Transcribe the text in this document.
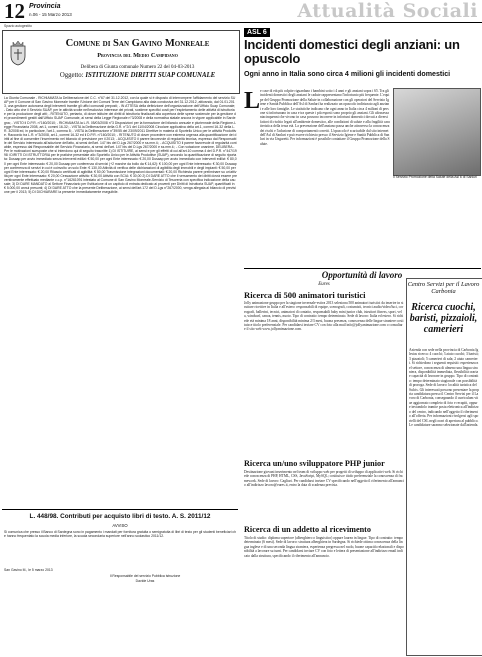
12 Provincia
n.06 - 15 Marzo 2013	Attualità Sociali
Spazio autogestito
Comune di San Gavino Monreale
Provincia del Medio Campidano
Delibera di Giunta comunale Numero 22 del 04-03-2013
Oggetto: ISTITUZIONE DIRITTI SUAP COMUNALE
La Giunta Comunale - RICHIAMATA la Deliberazione del C.C. n°67 del 31.12.2012, con la quale si è disposto di interrompere l'affidamento del servizio SUAP per il Comune di San Gavino Monreale tramite l'Unione dei Comuni Terre del Campidano alla data conclusiva del 31.12.2012, attivando, dal 01.01.2013, una gestione autonoma degli interventi tramite gli uffici comunali preposti; - IN ATTESA della definizione dell'organizzazione dell'Ufficio Suap Comunale; - Dato atto che il Servizio SUAP, per le attività svolte nell'esclusivo interesse dei privati, sostiene specifici costi per l'espletamento delle attività di istruttoria e per la produzione degli atti; - RITENUTO, pertanto, di dover istituire dei diritti di istruttoria finalizzati alla copertura delle spese sostenute per la gestione dei procedimenti gestiti dall'Ufficio SUAP Comunale, ai sensi della Legge Regionale n°3/2008 e della normativa statale ancora in vigore applicabile in Sardegna; - VISTO il D.P.R. n°160/2010; - RICHIAMATA la L.R. 05/03/2008 n°3 Disposizioni per la formazione del bilancio annuale e pluriennale della Regione-Legge Finanziaria 2008, art.1, commi 16-32; - VISTA la Deliberazione della G.R. n°2/1 del 11/04/2008 Circolare applicativa della art.1, commi 16-32 della L.R. 3/2008 ed, in particolare, l'art.1, comma 8; - VISTA la Deliberazione n°39/55 del 23/09/2011 Direttive in materia di Sportello Unico per le attività Produttive. Raccordo tra L.R. n°3/2008, art.1, commi 16-32 ed il D.P.R. n°160/2010; - RITENUTO di dover procedere con estrema urgenza alla quantificazione dei diritti al fine di consentire l'inserimento nel bilancio di previsione per il 2013; - ACQUISITO il parere favorevole di regolarità tecnica, espresso dal Responsabile del Servizio interessato all'adozione dell'atto, ai sensi dell'art. 147 bis del D.Lgs 267/2000 e ss.mm.ii.; - ACQUISITO il parere favorevole di regolarità contabile, espresso dal Responsabile del Servizio Finanziario, ai sensi dell'art. 147 bis del D.Lgs 267/2000 e ss.mm.ii.; - Con votazione unanime, DELIBERA - Per le motivazioni suesposte che si intendono qui di seguito trascritte 1) DI ISTITUIRE, ai sensi e per gli effetti di cui all'art.10 comma 4 del D.P.R. n°447/1998 i DIRITTI DI ISTRUTTORIA per le pratiche presentate allo Sportello Unico per le Attività Produttive (SUAP), secondo la quantificazione di seguito riportata: Dusaap per avvio immediato senza interventi edilizi: € 50,00 per ogni Ente interessato: € 20,00 Dusaap per avvio immediato con interventi edilizi: € 80,00 per ogni Ente interessato: € 20,00 Dusaap per conferenza di servizi (+2 marche da bollo da € 14,62): € 100,00 per ogni Ente interessato: € 30,00 Dusaap per conferenza di servizi in cui è coinvolto un solo Ente: € 130,00 Attività di verifica delle dichiarazioni di agibilità degli immobili e degli impianti: € 50,00 per ogni Ente interessato: € 20,00 Rilascio certificati di agibilità: € 50,00 Trasmissione integrazioni documentali: € 20,00 Richiesta parere preliminare su un'attività per ogni Ente interessato: € 20,00 Cessazione attività: € 30,00 Attività con SCIA: € 30,00 2) DI DARE ATTO che il versamento dei diritti dovrà essere preventivamente effettuato mediante c.c.p. n°16261091 intestato al Comune di San Gavino Monreale-Servizio di Tesoreria con specifica indicazione della causale; 3) DI DARE MANDATO al Settore Finanziario per l'istituzione di un capitolo di entrata dedicato ai proventi per Diritti di Istruttoria SUAP, quantificati in € 5.000,00 annui presunti; 4) DI DARE ATTO che la presente Deliberazione, ai sensi dell'art.172 del D.Lgs n°267/2000, venga allegata al bilancio di previsione per il 2013; 5) DI DICHIARARE la presente immediatamente eseguibile.
L. 448/98. Contributi per acquisto libri di testo. A. S. 2011/12
AVVISO
Si comunica che presso il Banco di Sardegna sono in pagamento i mandati per fornitura gratuita o semigratuita di libri di testo per gli studenti beneficiari che hanno frequentato la scuola media inferiore, la scuola secondaria superiore nell'anno scolastico 2011/12.
San Gavino M., le 5 marzo 2013
Il Responsabile del servizio Pubblica istruzione
Davide Uras
ASL 6
Incidenti domestici degli anziani: un opuscolo
Ogni anno in Italia sono circa 4 milioni gli incidenti domestici
L e case di età più colpite riguardano i bambini sotto i 4 anni e gli anziani sopra i 65. Tra gli incidenti domestici degli anziani le cadute rappresentano l'infortunio più frequente. L'equipe del Gruppo Promozione della Salute in collaborazione con gli operatori del Servizio Igiene e Sanità Pubblica dell'Asl di Sanluri ha realizzato un opuscolo indirizzato agli anziani e alle loro famiglie. Le statistiche indicano che ogni anno in Italia circa 4 milioni di persone si infortunano in casa e tra queste i più esposti sono proprio gli anziani. Gli ultrasessantacinquenni che vivono in casa possono incorrere in infortuni domestici dovuti a diversi fattori di rischio legati all'ambiente domestico, alle condizioni di salute e alla fragilità caratteristica della terza età. La prevenzione dell'anziano passa anche attraverso la conoscenza dei rischi e l'adozione di comportamenti corretti. L'opuscolo è scaricabile dal sito internet dell'Asl di Sanluri e può essere richiesto presso il Servizio Igiene e Sanità Pubblica di Sanluri in via Ungaretti. Per informazioni è possibile contattare il Gruppo Promozione della Salute.
Il Servizio Promozione della Salute della Asl 6 di Sanluri
Opportunità di lavoro
Eures
Ricerca di 500 animatori turistici
Jolly animazione gruppo per la stagione invernale-estiva 2013 seleziona 500 animatori turistici da inserire in strutture ricettive in Italia e all'estero: responsabili di equipe, scenografi, costumisti, tecnici audio/video/luci, coreografi, ballerini, tecnici, animatori di contatto, responsabili baby mini junior club, istruttori fitness, sport, vela, windsurf, canoa, tennis, nuoto. Tipo di contratto: tempo determinato. Sede di lavoro: Italia ed estero. Si richiede età minima 18 anni, disponibilità minima 2/3 mesi, buona presenza, conoscenza delle lingue straniere costituisce titolo preferenziale. Per candidarsi inviare CV con foto alla mail info@jollyanimazione.com o consultare il sito web www.jollyanimazione.com.
Ricerca un/uno sviluppatore PHP junior
Destinazione giovani inserimento nel team di sviluppo web per progetti di sviluppo di applicativi web. Si richiede conoscenza di PHP, HTML, CSS, JavaScript, MySQL; costituisce titolo preferenziale la conoscenza di framework. Sede di lavoro: Cagliari. Per candidarsi inviare CV specificando nell'oggetto il riferimento all'annuncio all'indirizzo lavoro@eures.it, entro la data di scadenza prevista.
Ricerca di un addetto al ricevimento
Titolo di studio: diploma superiore (alberghiero o linguistico) oppure laurea in lingue. Tipo di contratto: tempo determinato (6 mesi). Sede di lavoro: struttura alberghiera in Sardegna. Si richiede ottima conoscenza della lingua inglese e di una seconda lingua straniera, esperienza pregressa nel ruolo, buone capacità relazionali e disponibilità a lavorare su turni. Per candidarsi inviare CV con foto e lettera di presentazione all'indirizzo email indicato dalla struttura, specificando il riferimento all'annuncio.
Centro Servizi per il Lavoro Carbonia
Ricerca cuochi, baristi, pizzaioli, camerieri
Azienda con sede nella provincia di Carbonia Iglesias ricerca: 4 cuochi; 3 aiuto cuochi; 3 baristi; 3 pizzaioli; 5 camerieri di sala; 2 aiuto camerieri. Si richiedono i seguenti requisiti: esperienza nel settore, conoscenza di almeno una lingua straniera, disponibilità immediata, flessibilità oraria e capacità di lavorare in gruppo. Tipo di contratto: tempo determinato stagionale con possibilità di proroga. Sede di lavoro: località turistica del Sulcis. Gli interessati possono presentare la propria candidatura presso il Centro Servizi per il Lavoro di Carbonia, consegnando il curriculum vitae aggiornato completo di foto e recapiti, oppure inviandolo tramite posta elettronica all'indirizzo del centro, indicando nell'oggetto il riferimento all'offerta. Per informazioni rivolgersi agli sportelli del CSL negli orari di apertura al pubblico. Le candidature saranno selezionate dall'azienda.
